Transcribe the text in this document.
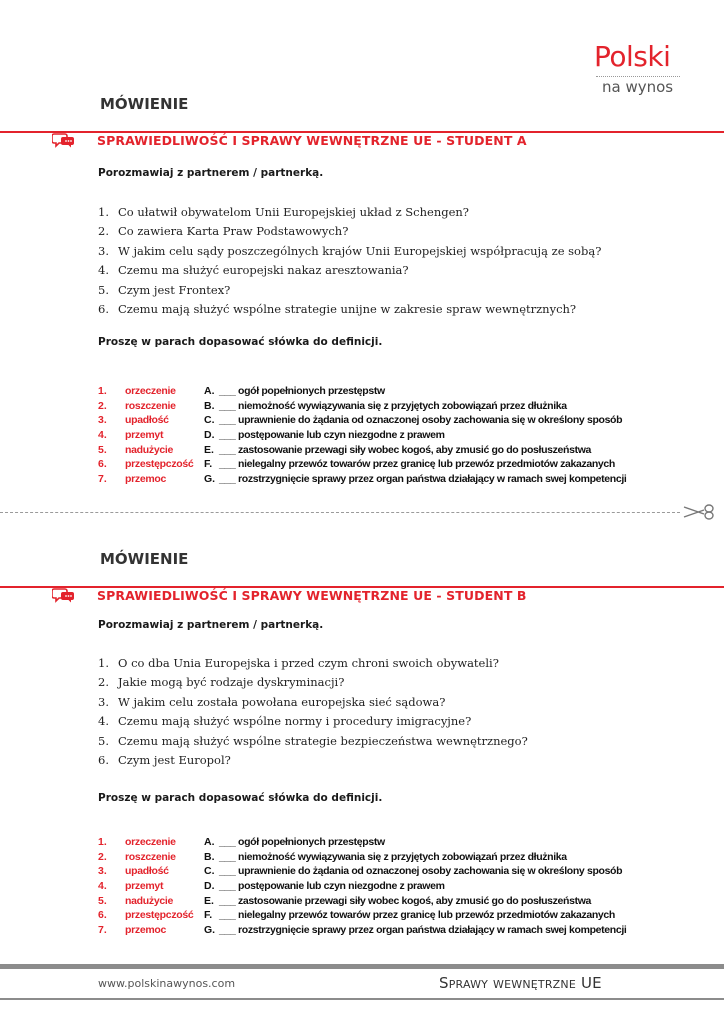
Polski
na wynos
MÓWIENIE
SPRAWIEDLIWOŚĆ I SPRAWY WEWNĘTRZNE UE - STUDENT A
Porozmawiaj z partnerem / partnerką.
1. Co ułatwił obywatelom Unii Europejskiej układ z Schengen?
2. Co zawiera Karta Praw Podstawowych?
3. W jakim celu sądy poszczególnych krajów Unii Europejskiej współpracują ze sobą?
4. Czemu ma służyć europejski nakaz aresztowania?
5. Czym jest Frontex?
6. Czemu mają służyć wspólne strategie unijne w zakresie spraw wewnętrznych?
Proszę w parach dopasować słówka do definicji.
1. orzeczenie	A. ___ ogół popełnionych przestępstw
2. roszczenie	B. ___ niemożność wywiązywania się z przyjętych zobowiązań przez dłużnika
3. upadłość	C. ___ uprawnienie do żądania od oznaczonej osoby zachowania się w określony sposób
4. przemyt	D. ___ postępowanie lub czyn niezgodne z prawem
5. nadużycie	E. ___ zastosowanie przewagi siły wobec kogoś, aby zmusić go do posłuszeństwa
6. przestępczość F. ___ nielegalny przewóz towarów przez granicę lub przewóz przedmiotów zakazanych
7. przemoc	G. ___ rozstrzygnięcie sprawy przez organ państwa działający w ramach swej kompetencji
MÓWIENIE
SPRAWIEDLIWOŚĆ I SPRAWY WEWNĘTRZNE UE - STUDENT B
Porozmawiaj z partnerem / partnerką.
1. O co dba Unia Europejska i przed czym chroni swoich obywateli?
2. Jakie mogą być rodzaje dyskryminacji?
3. W jakim celu została powołana europejska sieć sądowa?
4. Czemu mają służyć wspólne normy i procedury imigracyjne?
5. Czemu mają służyć wspólne strategie bezpieczeństwa wewnętrznego?
6. Czym jest Europol?
Proszę w parach dopasować słówka do definicji.
1. orzeczenie	A. ___ ogół popełnionych przestępstw
2. roszczenie	B. ___ niemożność wywiązywania się z przyjętych zobowiązań przez dłużnika
3. upadłość	C. ___ uprawnienie do żądania od oznaczonej osoby zachowania się w określony sposób
4. przemyt	D. ___ postępowanie lub czyn niezgodne z prawem
5. nadużycie	E. ___ zastosowanie przewagi siły wobec kogoś, aby zmusić go do posłuszeństwa
6. przestępczość F. ___ nielegalny przewóz towarów przez granicę lub przewóz przedmiotów zakazanych
7. przemoc	G. ___ rozstrzygnięcie sprawy przez organ państwa działający w ramach swej kompetencji
www.polskinawynos.com	Sprawy wewnętrzne UE
